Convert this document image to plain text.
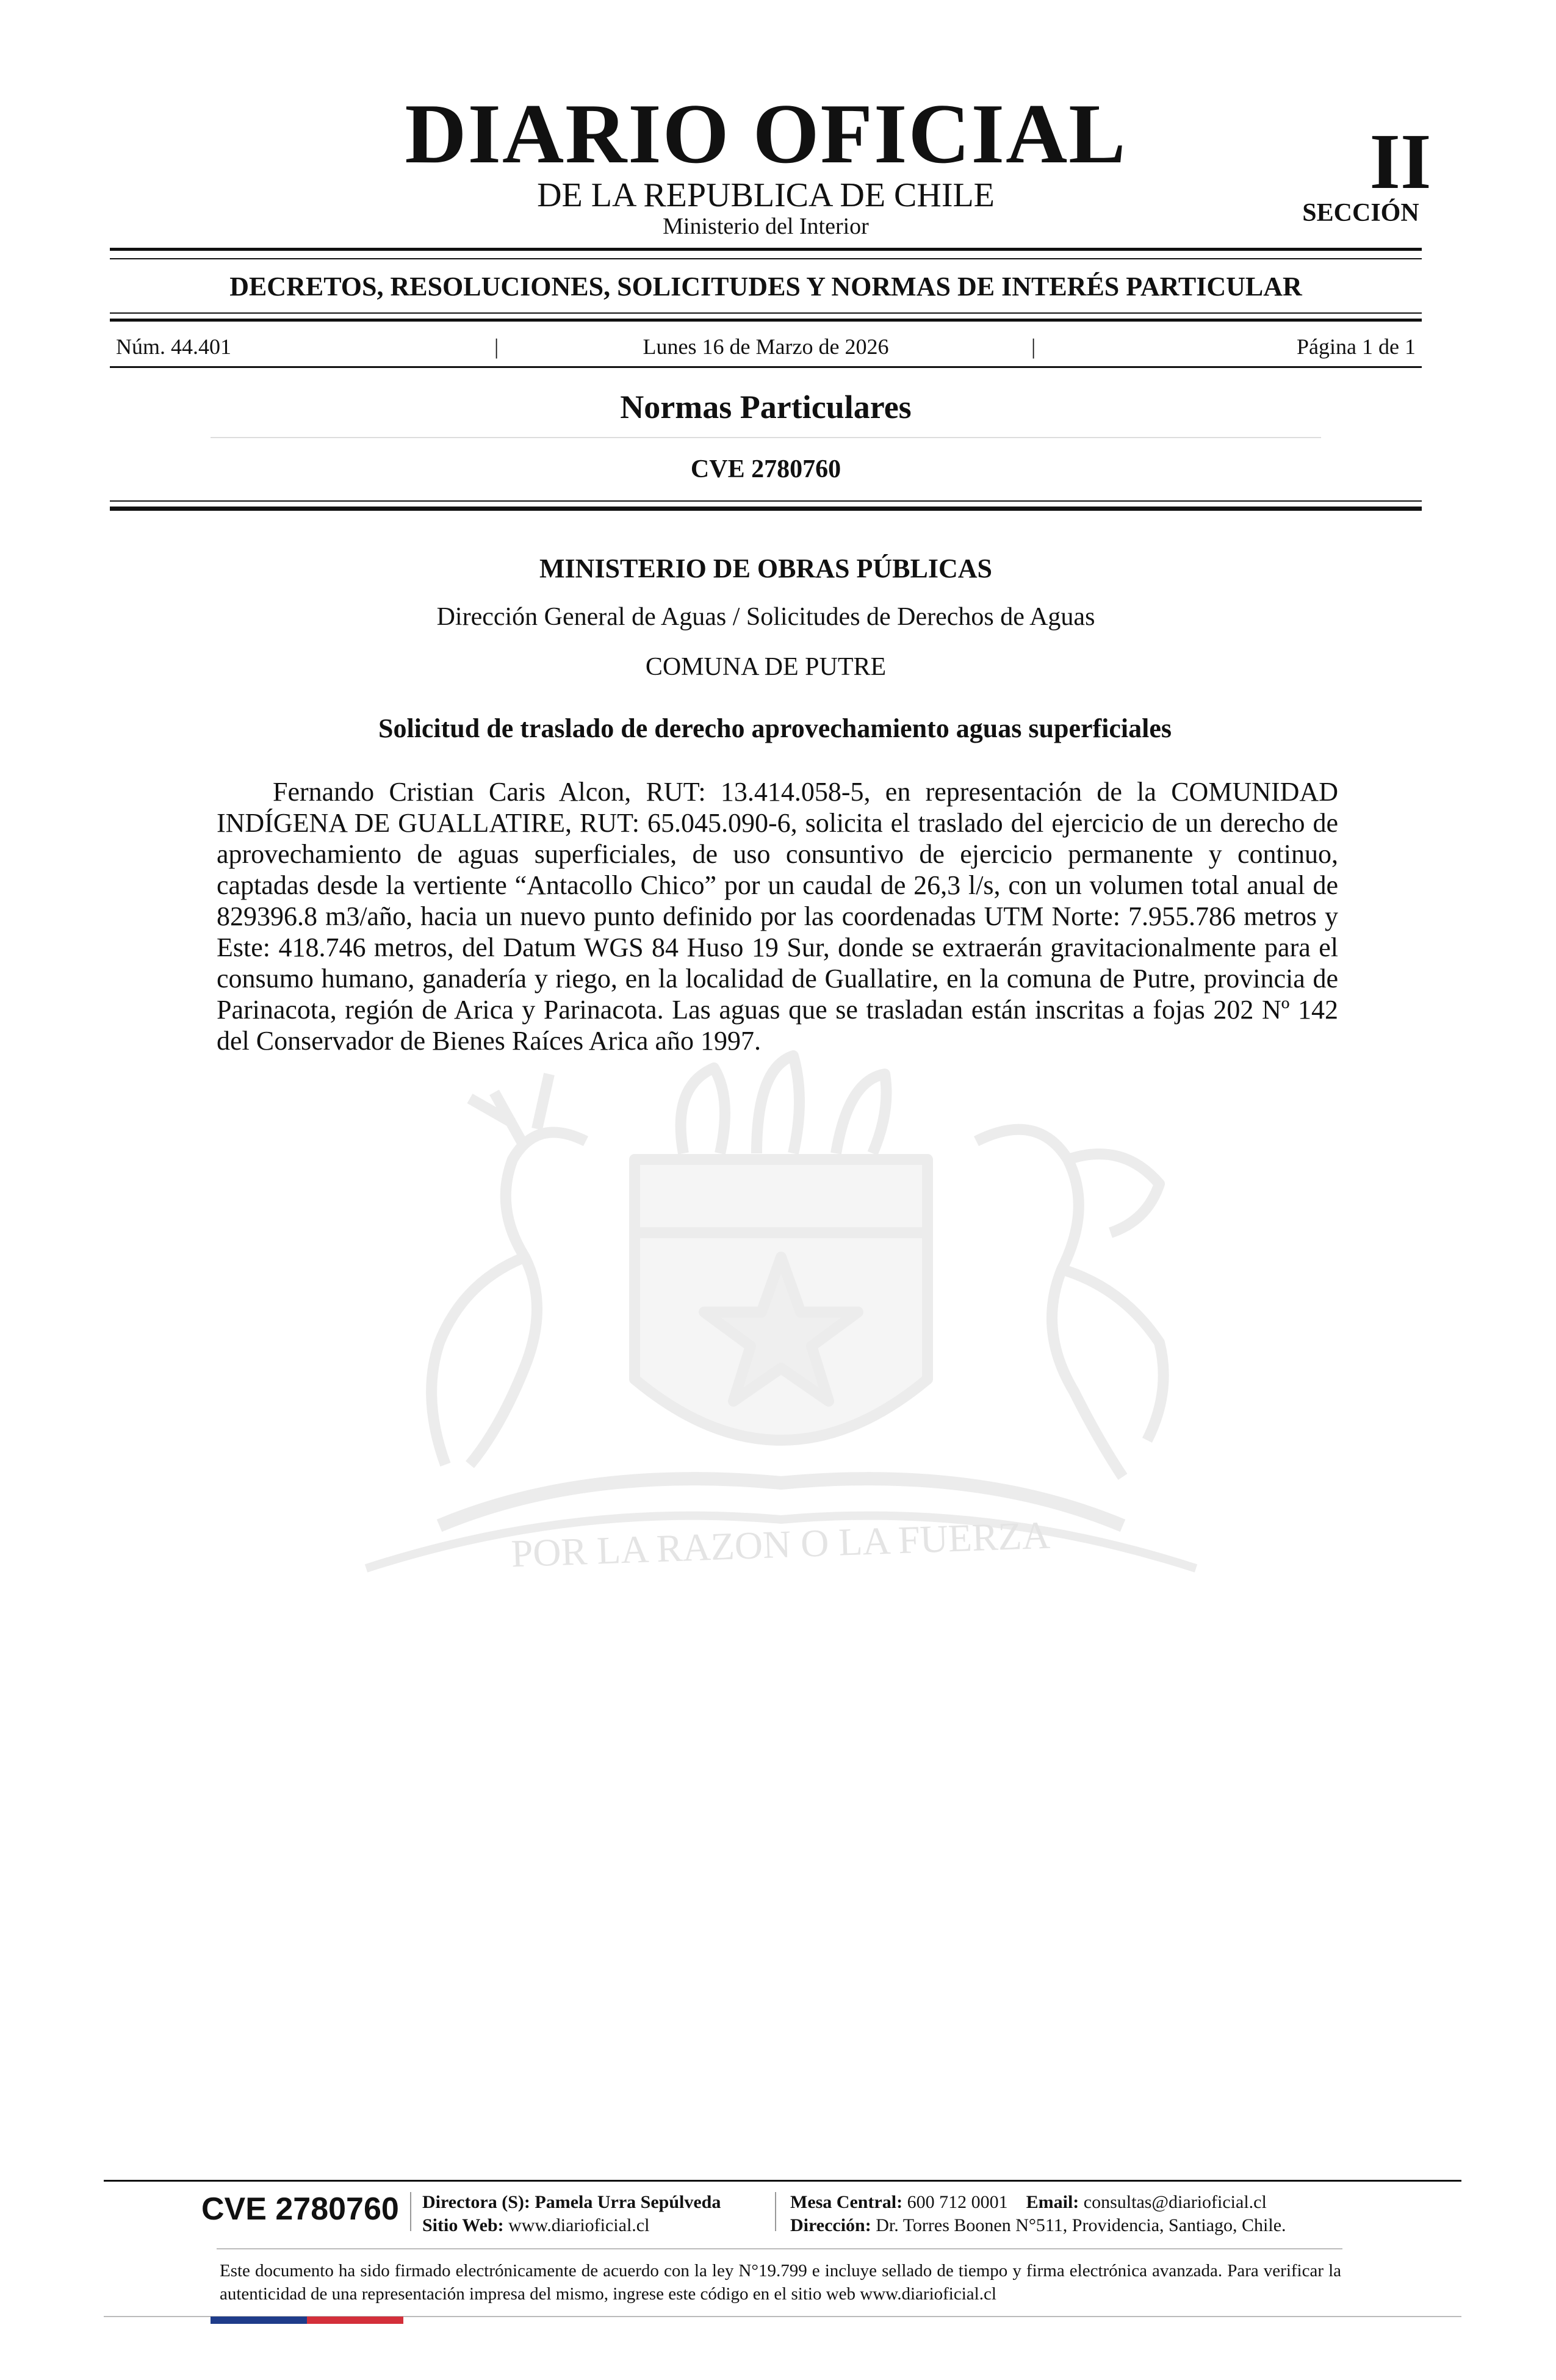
POR LA RAZON O LA FUERZA
DIARIO OFICIAL
DE LA REPUBLICA DE CHILE
Ministerio del Interior
II
SECCIÓN
DECRETOS, RESOLUCIONES, SOLICITUDES Y NORMAS DE INTERÉS PARTICULAR
Núm. 44.401	|	Lunes 16 de Marzo de 2026	|	Página 1 de 1
Normas Particulares
CVE 2780760
MINISTERIO DE OBRAS PÚBLICAS
Dirección General de Aguas / Solicitudes de Derechos de Aguas
COMUNA DE PUTRE
Solicitud de traslado de derecho aprovechamiento aguas superficiales

Fernando Cristian Caris Alcon, RUT: 13.414.058-5, en representación de la COMUNIDAD INDÍGENA DE GUALLATIRE, RUT: 65.045.090-6, solicita el traslado del ejercicio de un derecho de aprovechamiento de aguas superficiales, de uso consuntivo de ejercicio permanente y continuo, captadas desde la vertiente “Antacollo Chico” por un caudal de 26,3 l/s, con un volumen total anual de 829396.8 m3/año, hacia un nuevo punto definido por las coordenadas UTM Norte: 7.955.786 metros y Este: 418.746 metros, del Datum WGS 84 Huso 19 Sur, donde se extraerán gravitacionalmente para el consumo humano, ganadería y riego, en la localidad de Guallatire, en la comuna de Putre, provincia de Parinacota, región de Arica y Parinacota. Las aguas que se trasladan están inscritas a fojas 202 Nº 142 del Conservador de Bienes Raíces Arica año 1997.

CVE 2780760 Directora (S): Pamela Urra Sepúlveda
Sitio Web: www.diarioficial.cl
Mesa Central: 600 712 0001 Email: consultas@diarioficial.cl
Dirección: Dr. Torres Boonen N°511, Providencia, Santiago, Chile.
Este documento ha sido firmado electrónicamente de acuerdo con la ley N°19.799 e incluye sellado de tiempo y firma electrónica avanzada. Para verificar la autenticidad de una representación impresa del mismo, ingrese este código en el sitio web www.diarioficial.cl
